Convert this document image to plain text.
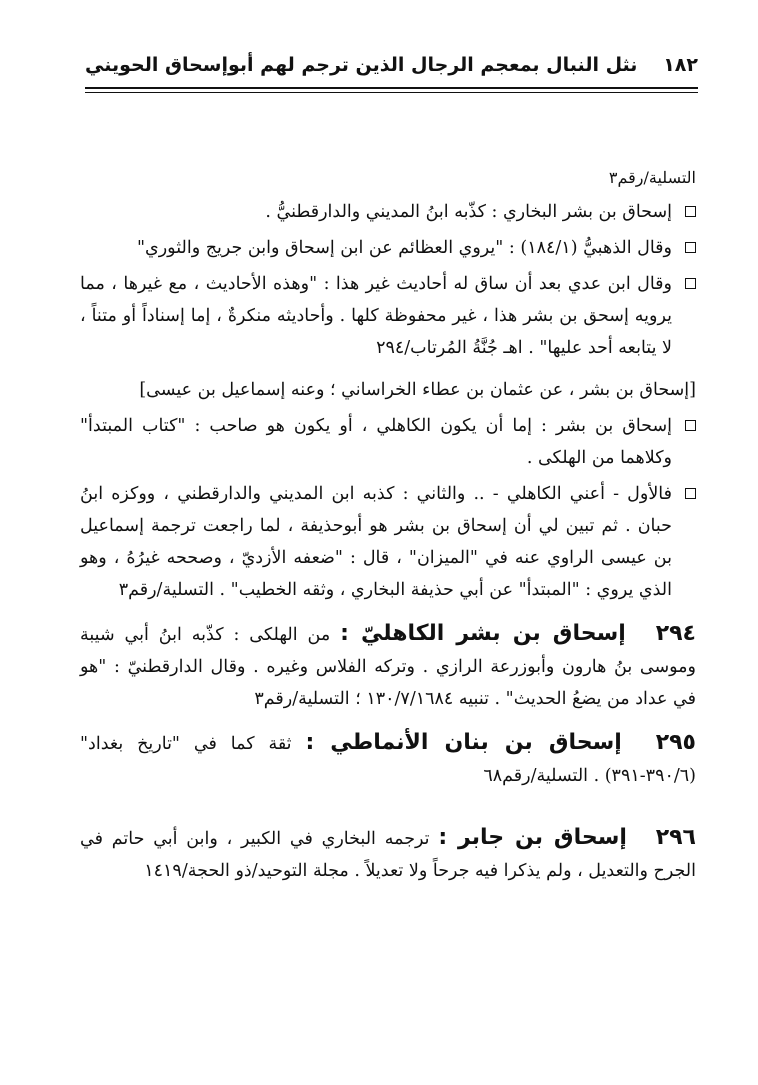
١٨٢
نثل النبال بمعجم الرجال الذين ترجم لهم أبوإسحاق الحويني
التسلية/رقم٣
إسحاق بن بشر البخاري : كذّبه ابنُ المديني والدارقطنيُّ .
وقال الذهبيُّ (١٨٤/١) : "يروي العظائم عن ابن إسحاق وابن جريج والثوري"
وقال ابن عدي بعد أن ساق له أحاديث غير هذا : "وهذه الأحاديث ، مع غيرها ، مما يرويه إسحق بن بشر هذا ، غير محفوظة كلها . وأحاديثه منكرةٌ ، إما إسناداً أو متناً ، لا يتابعه أحد عليها" . اهـ جُنَّةُ المُرتاب/٢٩٤
[إسحاق بن بشر ، عن عثمان بن عطاء الخراساني ؛ وعنه إسماعيل بن عيسى]
إسحاق بن بشر : إما أن يكون الكاهلي ، أو يكون هو صاحب : "كتاب المبتدأ" وكلاهما من الهلكى .
فالأول - أعني الكاهلي - .. والثاني : كذبه ابن المديني والدارقطني ، ووكزه ابنُ حبان . ثم تبين لي أن إسحاق بن بشر هو أبوحذيفة ، لما راجعت ترجمة إسماعيل بن عيسى الراوي عنه في "الميزان" ، قال : "ضعفه الأزديّ ، وصححه غيرُهُ ، وهو الذي يروي : "المبتدأ" عن أبي حذيفة البخاري ، وثقه الخطيب" . التسلية/رقم٣
٢٩٤ إسحاق بن بشر الكاهليّ : من الهلكى : كذّبه ابنُ أبي شيبة وموسى بنُ هارون وأبوزرعة الرازي . وتركه الفلاس وغيره . وقال الدارقطنيّ : "هو في عداد من يضعُ الحديث" . تنبيه ١٣٠/٧/١٦٨٤ ؛ التسلية/رقم٣
٢٩٥ إسحاق بن بنان الأنماطي : ثقة كما في "تاريخ بغداد" (٣٩٠/٦-٣٩١) . التسلية/رقم٦٨
٢٩٦ إسحاق بن جابر : ترجمه البخاري في الكبير ، وابن أبي حاتم في الجرح والتعديل ، ولم يذكرا فيه جرحاً ولا تعديلاً . مجلة التوحيد/ذو الحجة/١٤١٩
